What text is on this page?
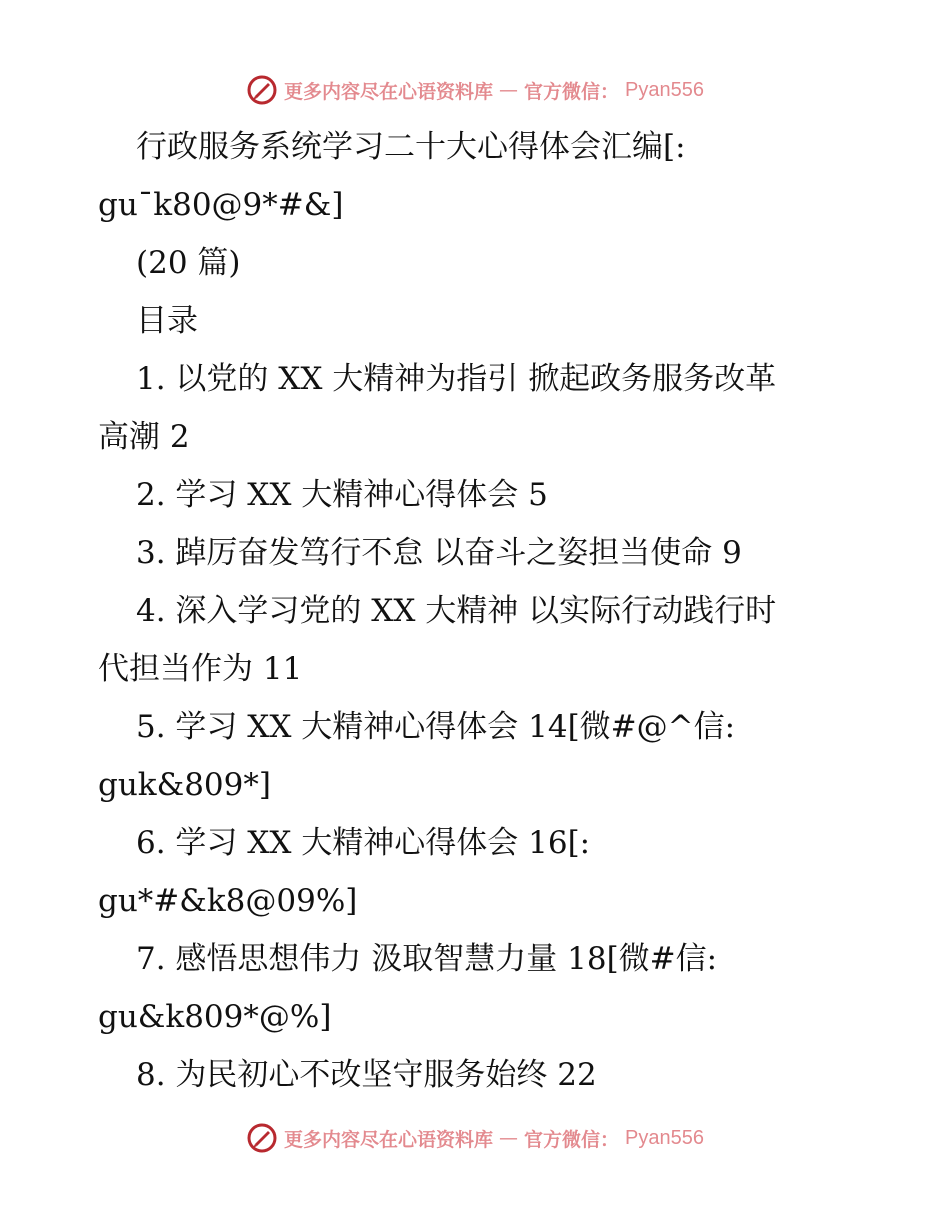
更多内容尽在心语资料库 — 官方微信： Pyan556
行政服务系统学习二十大心得体会汇编[:
gu¯k80@9*#&]
(20 篇)
目录
1. 以党的 XX 大精神为指引 掀起政务服务改革
高潮 2
2. 学习 XX 大精神心得体会 5
3. 踔厉奋发笃行不怠 以奋斗之姿担当使命 9
4. 深入学习党的 XX 大精神 以实际行动践行时
代担当作为 11
5. 学习 XX 大精神心得体会 14[微#@^信:
guk&809*]
6. 学习 XX 大精神心得体会 16[:
gu*#&k8@09%]
7. 感悟思想伟力 汲取智慧力量 18[微#信:
gu&k809*@%]
8. 为民初心不改坚守服务始终 22
更多内容尽在心语资料库 — 官方微信： Pyan556
